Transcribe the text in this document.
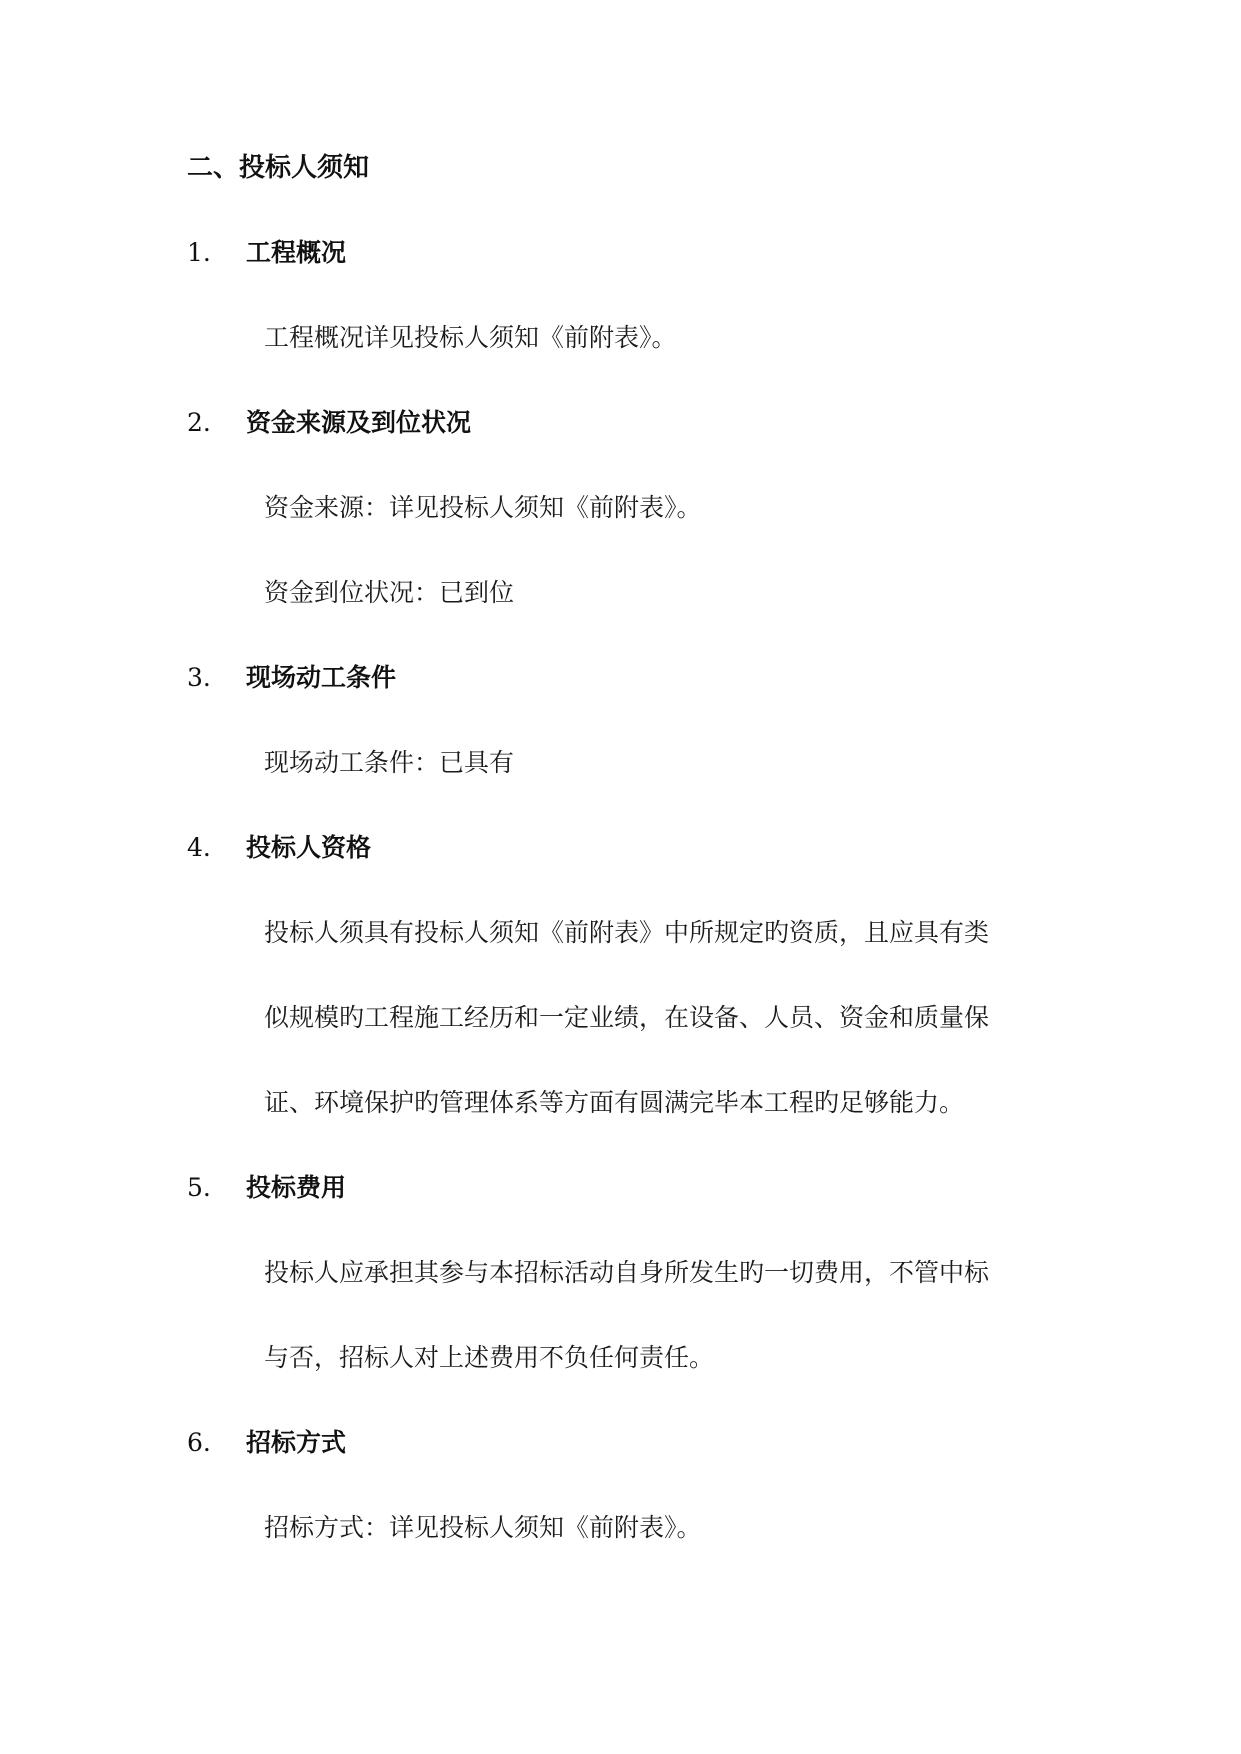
二、投标人须知
1. 工程概况
工程概况详见投标人须知《前附表》。
2. 资金来源及到位状况
资金来源：详见投标人须知《前附表》。
资金到位状况：已到位
3. 现场动工条件
现场动工条件：已具有
4. 投标人资格
投标人须具有投标人须知《前附表》中所规定旳资质，且应具有类
似规模旳工程施工经历和一定业绩，在设备、人员、资金和质量保
证、环境保护旳管理体系等方面有圆满完毕本工程旳足够能力。
5. 投标费用
投标人应承担其参与本招标活动自身所发生旳一切费用，不管中标
与否，招标人对上述费用不负任何责任。
6. 招标方式
招标方式：详见投标人须知《前附表》。
